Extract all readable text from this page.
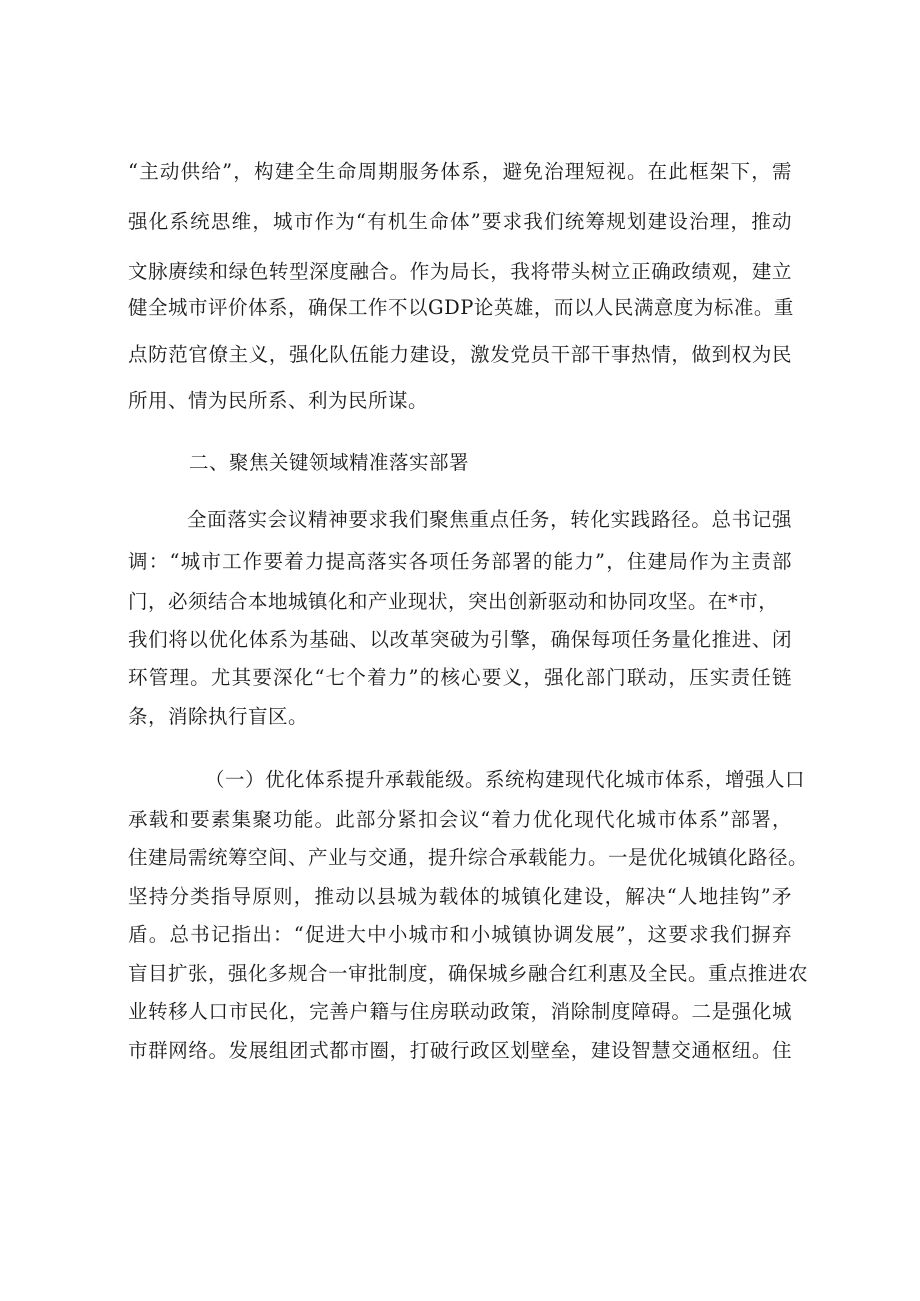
“主动供给”，构建全生命周期服务体系，避免治理短视。在此框架下，需
强化系统思维，城市作为“有机生命体”要求我们统筹规划建设治理，推动
文脉赓续和绿色转型深度融合。作为局长，我将带头树立正确政绩观，建立
健全城市评价体系，确保工作不以GDP论英雄，而以人民满意度为标准。重
点防范官僚主义，强化队伍能力建设，激发党员干部干事热情，做到权为民
所用、情为民所系、利为民所谋。
二、聚焦关键领域精准落实部署
全面落实会议精神要求我们聚焦重点任务，转化实践路径。总书记强
调：“城市工作要着力提高落实各项任务部署的能力”，住建局作为主责部
门，必须结合本地城镇化和产业现状，突出创新驱动和协同攻坚。在*市，
我们将以优化体系为基础、以改革突破为引擎，确保每项任务量化推进、闭
环管理。尤其要深化“七个着力”的核心要义，强化部门联动，压实责任链
条，消除执行盲区。
（一）优化体系提升承载能级。系统构建现代化城市体系，增强人口
承载和要素集聚功能。此部分紧扣会议“着力优化现代化城市体系”部署，
住建局需统筹空间、产业与交通，提升综合承载能力。一是优化城镇化路径。
坚持分类指导原则，推动以县城为载体的城镇化建设，解决“人地挂钩”矛
盾。总书记指出：“促进大中小城市和小城镇协调发展”，这要求我们摒弃
盲目扩张，强化多规合一审批制度，确保城乡融合红利惠及全民。重点推进农
业转移人口市民化，完善户籍与住房联动政策，消除制度障碍。二是强化城
市群网络。发展组团式都市圈，打破行政区划壁垒，建设智慧交通枢纽。住
